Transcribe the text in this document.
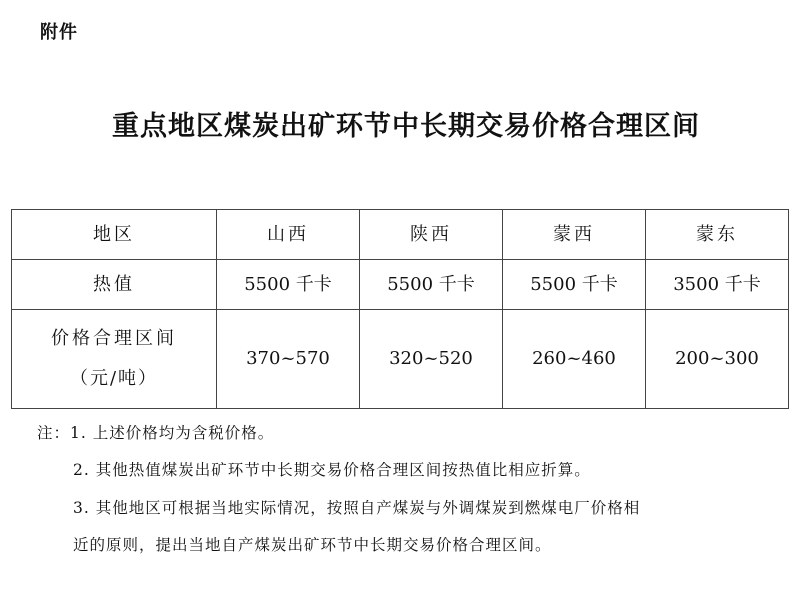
附件
重点地区煤炭出矿环节中长期交易价格合理区间
地区	山西	陕西	蒙西	蒙东
热值	5500 千卡	5500 千卡	5500 千卡	3500 千卡

价格合理区间
（元/吨）	370~570	320~520	260~460	200~300
注：1. 上述价格均为含税价格。
2. 其他热值煤炭出矿环节中长期交易价格合理区间按热值比相应折算。
3. 其他地区可根据当地实际情况，按照自产煤炭与外调煤炭到燃煤电厂价格相
近的原则，提出当地自产煤炭出矿环节中长期交易价格合理区间。
